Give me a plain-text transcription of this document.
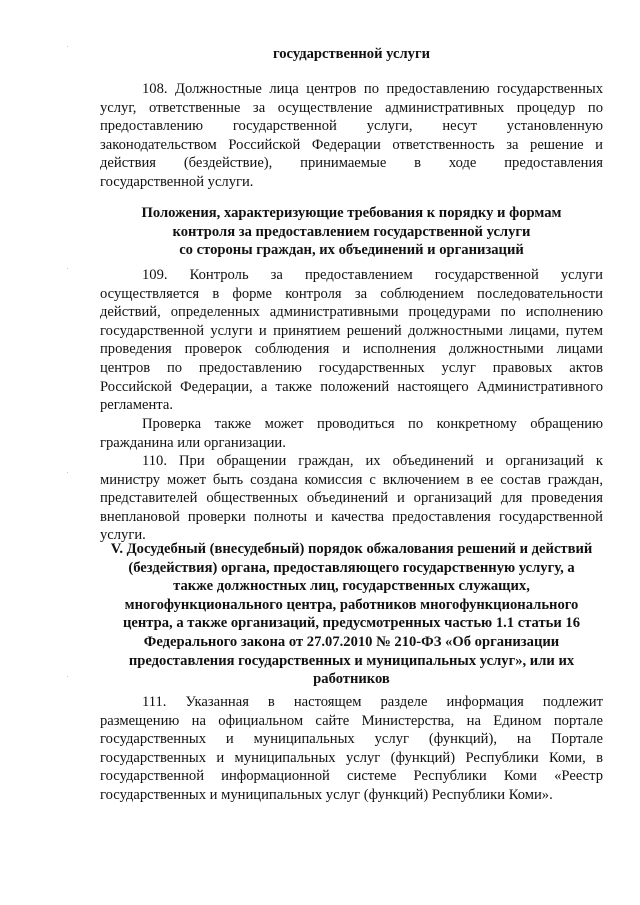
государственной услуги
108. Должностные лица центров по предоставлению государственных
услуг, ответственные за осуществление административных процедур по
предоставлению государственной услуги, несут установленную
законодательством Российской Федерации ответственность за решение и
действия (бездействие), принимаемые в ходе предоставления
государственной услуги.
Положения, характеризующие требования к порядку и формам
контроля за предоставлением государственной услуги
со стороны граждан, их объединений и организаций
109. Контроль за предоставлением государственной услуги
осуществляется в форме контроля за соблюдением последовательности
действий, определенных административными процедурами по исполнению
государственной услуги и принятием решений должностными лицами, путем
проведения проверок соблюдения и исполнения должностными лицами
центров по предоставлению государственных услуг правовых актов
Российской Федерации, а также положений настоящего Административного
регламента.
Проверка также может проводиться по конкретному обращению
гражданина или организации.
110. При обращении граждан, их объединений и организаций к
министру может быть создана комиссия с включением в ее состав граждан,
представителей общественных объединений и организаций для проведения
внеплановой проверки полноты и качества предоставления государственной
услуги.
V. Досудебный (внесудебный) порядок обжалования решений и действий
(бездействия) органа, предоставляющего государственную услугу, а
также должностных лиц, государственных служащих,
многофункционального центра, работников многофункционального
центра, а также организаций, предусмотренных частью 1.1 статьи 16
Федерального закона от 27.07.2010 № 210-ФЗ «Об организации
предоставления государственных и муниципальных услуг», или их
работников
111. Указанная в настоящем разделе информация подлежит
размещению на официальном сайте Министерства, на Едином портале
государственных и муниципальных услуг (функций), на Портале
государственных и муниципальных услуг (функций) Республики Коми, в
государственной информационной системе Республики Коми «Реестр
государственных и муниципальных услуг (функций) Республики Коми».
